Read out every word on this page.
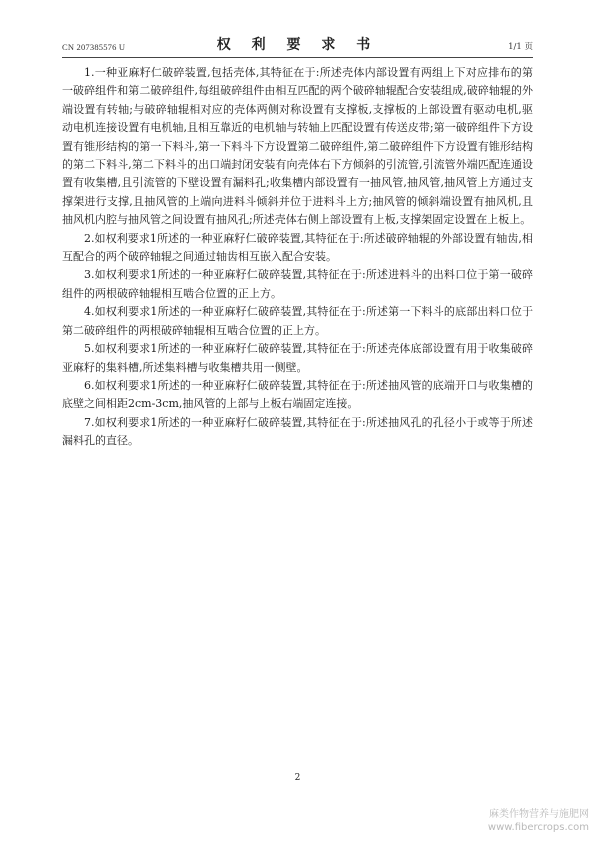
CN 207385576 U	权 利 要 求 书	1/1 页

1.一种亚麻籽仁破碎装置,包括壳体,其特征在于:所述壳体内部设置有两组上下对应排布的第一破碎组件和第二破碎组件,每组破碎组件由相互匹配的两个破碎轴辊配合安装组成,破碎轴辊的外端设置有转轴;与破碎轴辊相对应的壳体两侧对称设置有支撑板,支撑板的上部设置有驱动电机,驱动电机连接设置有电机轴,且相互靠近的电机轴与转轴上匹配设置有传送皮带;第一破碎组件下方设置有锥形结构的第一下料斗,第一下料斗下方设置第二破碎组件,第二破碎组件下方设置有锥形结构的第二下料斗,第二下料斗的出口端封闭安装有向壳体右下方倾斜的引流管,引流管外端匹配连通设置有收集槽,且引流管的下壁设置有漏料孔;收集槽内部设置有一抽风管,抽风管,抽风管上方通过支撑架进行支撑,且抽风管的上端向进料斗倾斜并位于进料斗上方;抽风管的倾斜端设置有抽风机,且抽风机内腔与抽风管之间设置有抽风孔;所述壳体右侧上部设置有上板,支撑架固定设置在上板上。

2.如权利要求1所述的一种亚麻籽仁破碎装置,其特征在于:所述破碎轴辊的外部设置有轴齿,相互配合的两个破碎轴辊之间通过轴齿相互嵌入配合安装。

3.如权利要求1所述的一种亚麻籽仁破碎装置,其特征在于:所述进料斗的出料口位于第一破碎组件的两根破碎轴辊相互啮合位置的正上方。

4.如权利要求1所述的一种亚麻籽仁破碎装置,其特征在于:所述第一下料斗的底部出料口位于第二破碎组件的两根破碎轴辊相互啮合位置的正上方。

5.如权利要求1所述的一种亚麻籽仁破碎装置,其特征在于:所述壳体底部设置有用于收集破碎亚麻籽的集料槽,所述集料槽与收集槽共用一侧壁。

6.如权利要求1所述的一种亚麻籽仁破碎装置,其特征在于:所述抽风管的底端开口与收集槽的底壁之间相距2cm-3cm,抽风管的上部与上板右端固定连接。

7.如权利要求1所述的一种亚麻籽仁破碎装置,其特征在于:所述抽风孔的孔径小于或等于所述漏料孔的直径。

2
麻类作物营养与施肥网
www.fibercrops.com
